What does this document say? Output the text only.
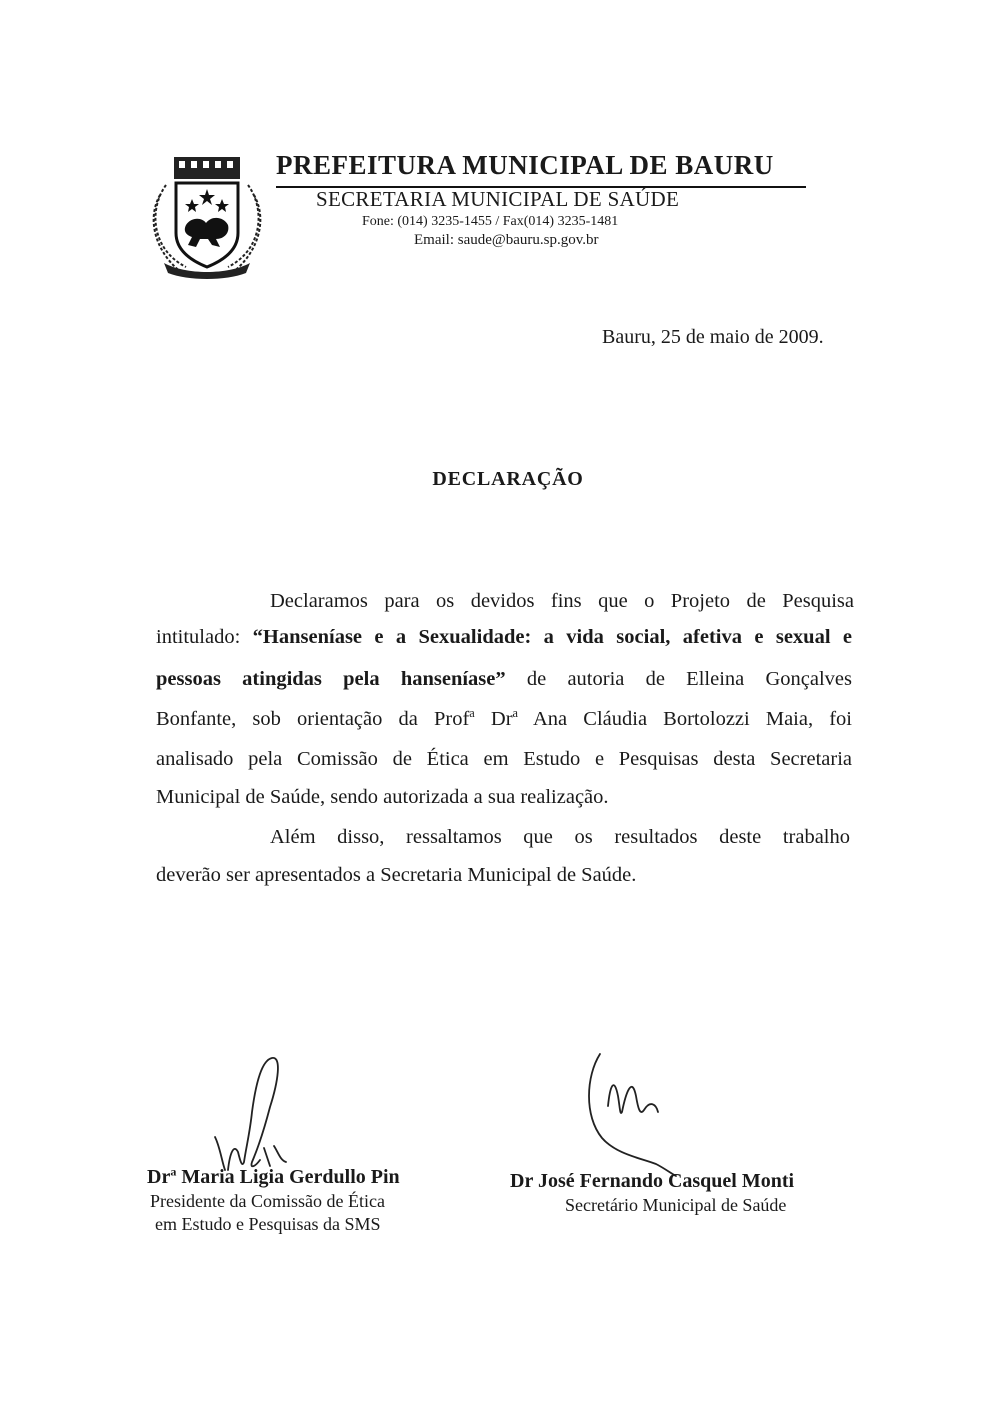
PREFEITURA MUNICIPAL DE BAURU
SECRETARIA MUNICIPAL DE SAÚDE
Fone: (014) 3235-1455 / Fax(014) 3235-1481
Email: saude@bauru.sp.gov.br
Bauru, 25 de maio de 2009.
DECLARAÇÃO
Declaramos para os devidos fins que o Projeto de Pesquisa
intitulado: “Hanseníase e a Sexualidade: a vida social, afetiva e sexual e
pessoas atingidas pela hanseníase” de autoria de Elleina Gonçalves
Bonfante, sob orientação da Prof$^a$ Dr$^a$ Ana Cláudia Bortolozzi Maia, foi
analisado pela Comissão de Ética em Estudo e Pesquisas desta Secretaria
Municipal de Saúde, sendo autorizada a sua realização.
Além disso, ressaltamos que os resultados deste trabalho
deverão ser apresentados a Secretaria Municipal de Saúde.
Dr$^a$ Maria Ligia Gerdullo Pin
Presidente da Comissão de Ética
em Estudo e Pesquisas da SMS
Dr José Fernando Casquel Monti
Secretário Municipal de Saúde
